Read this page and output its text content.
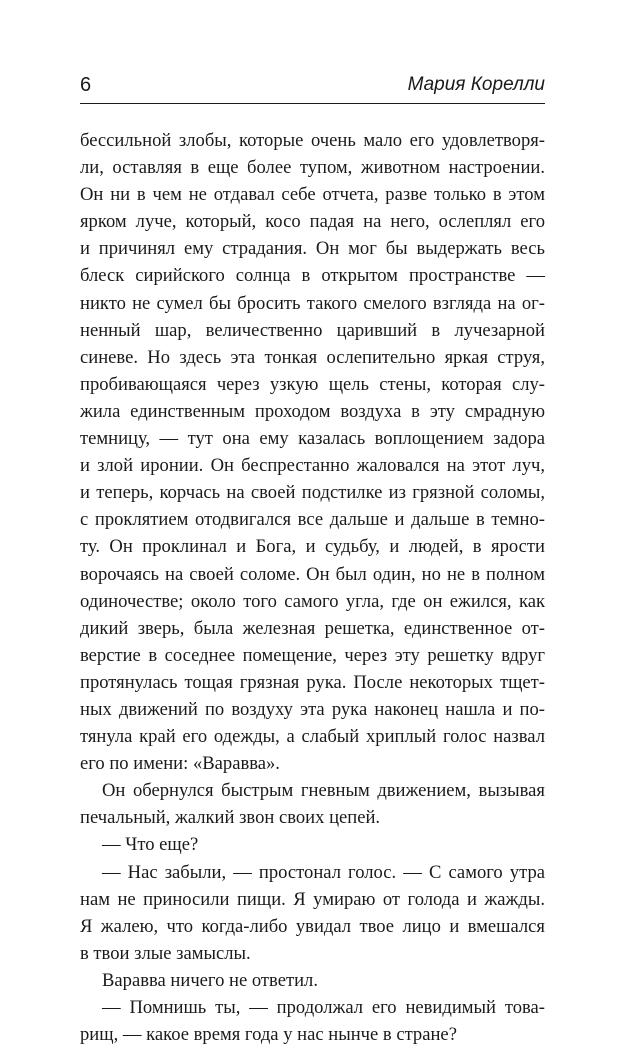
6	Мария Корелли
бессильной злобы, которые очень мало его удовлетворя-
ли, оставляя в еще более тупом, животном настроении.
Он ни в чем не отдавал себе отчета, разве только в этом
ярком луче, который, косо падая на него, ослеплял его
и причинял ему страдания. Он мог бы выдержать весь
блеск сирийского солнца в открытом пространстве —
никто не сумел бы бросить такого смелого взгляда на ог-
ненный шар, величественно царивший в лучезарной
синеве. Но здесь эта тонкая ослепительно яркая струя,
пробивающаяся через узкую щель стены, которая слу-
жила единственным проходом воздуха в эту смрадную
темницу, — тут она ему казалась воплощением задора
и злой иронии. Он беспрестанно жаловался на этот луч,
и теперь, корчась на своей подстилке из грязной соломы,
с проклятием отодвигался все дальше и дальше в темно-
ту. Он проклинал и Бога, и судьбу, и людей, в ярости
ворочаясь на своей соломе. Он был один, но не в полном
одиночестве; около того самого угла, где он ежился, как
дикий зверь, была железная решетка, единственное от-
верстие в соседнее помещение, через эту решетку вдруг
протянулась тощая грязная рука. После некоторых тщет-
ных движений по воздуху эта рука наконец нашла и по-
тянула край его одежды, а слабый хриплый голос назвал
его по имени: «Варавва».
Он обернулся быстрым гневным движением, вызывая
печальный, жалкий звон своих цепей.
— Что еще?
— Нас забыли, — простонал голос. — С самого утра
нам не приносили пищи. Я умираю от голода и жажды.
Я жалею, что когда-либо увидал твое лицо и вмешался
в твои злые замыслы.
Варавва ничего не ответил.
— Помнишь ты, — продолжал его невидимый това-
рищ, — какое время года у нас нынче в стране?
